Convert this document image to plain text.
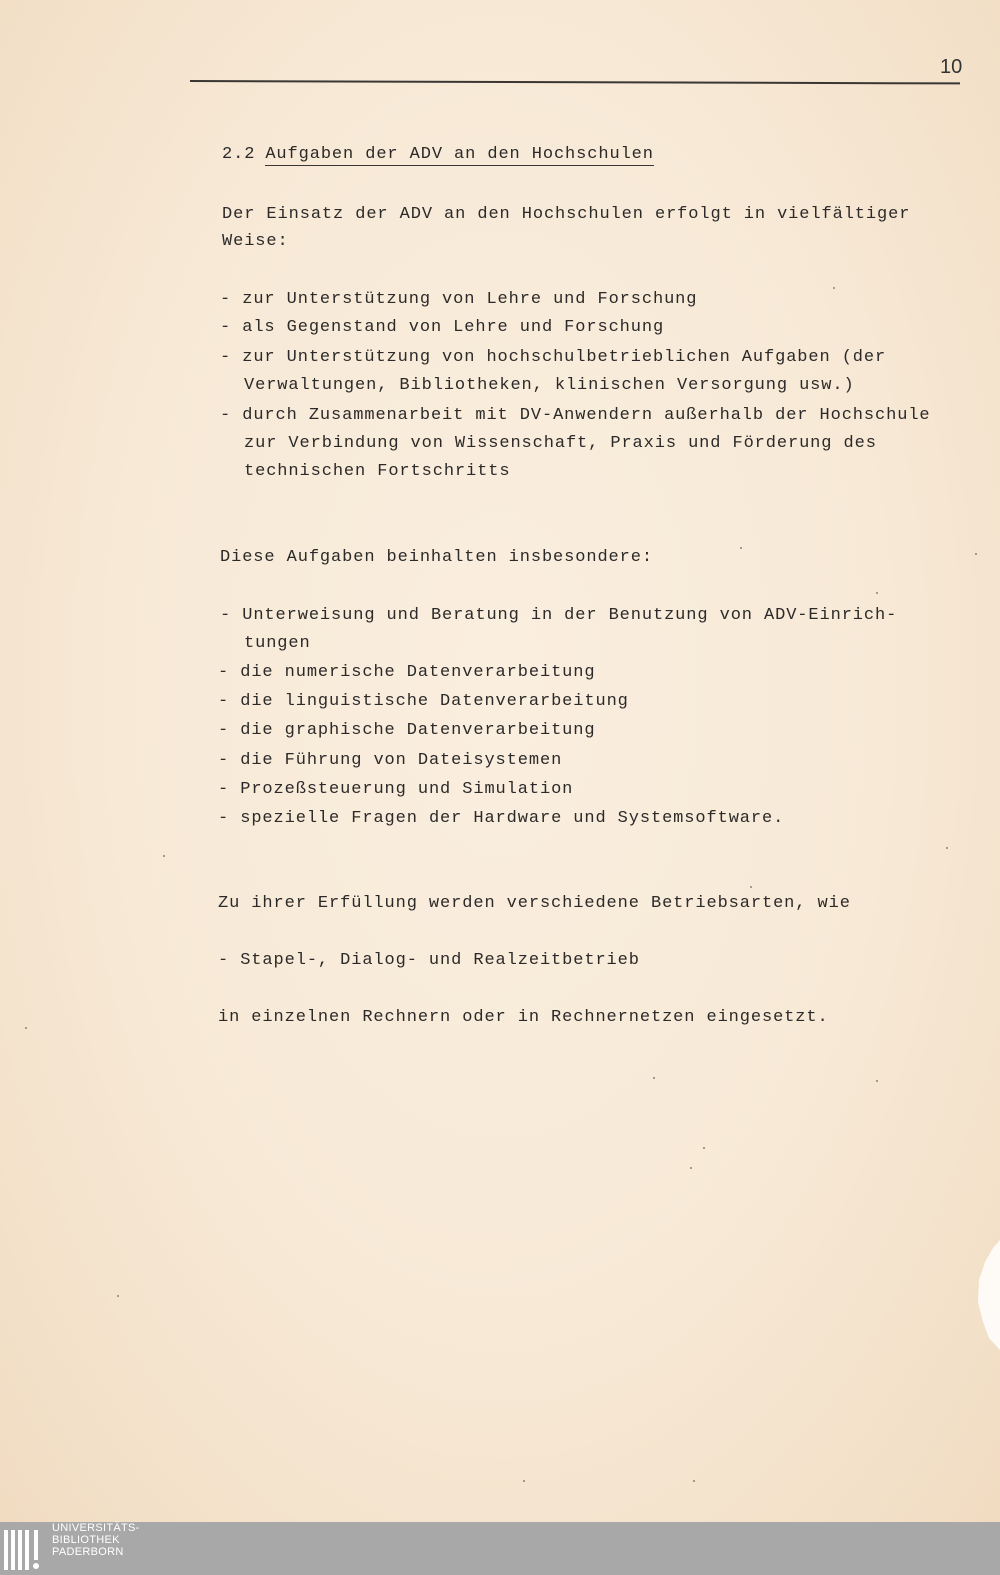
10
2.2 Aufgaben der ADV an den Hochschulen
Der Einsatz der ADV an den Hochschulen erfolgt in vielfältiger
Weise:
- zur Unterstützung von Lehre und Forschung
- als Gegenstand von Lehre und Forschung
- zur Unterstützung von hochschulbetrieblichen Aufgaben (der
Verwaltungen, Bibliotheken, klinischen Versorgung usw.)
- durch Zusammenarbeit mit DV-Anwendern außerhalb der Hochschule
zur Verbindung von Wissenschaft, Praxis und Förderung des
technischen Fortschritts
Diese Aufgaben beinhalten insbesondere:
- Unterweisung und Beratung in der Benutzung von ADV-Einrich-
tungen
- die numerische Datenverarbeitung
- die linguistische Datenverarbeitung
- die graphische Datenverarbeitung
- die Führung von Dateisystemen
- Prozeßsteuerung und Simulation
- spezielle Fragen der Hardware und Systemsoftware.
Zu ihrer Erfüllung werden verschiedene Betriebsarten, wie
- Stapel-, Dialog- und Realzeitbetrieb
in einzelnen Rechnern oder in Rechnernetzen eingesetzt.
UNIVERSITÄTS-
BIBLIOTHEK
PADERBORN
